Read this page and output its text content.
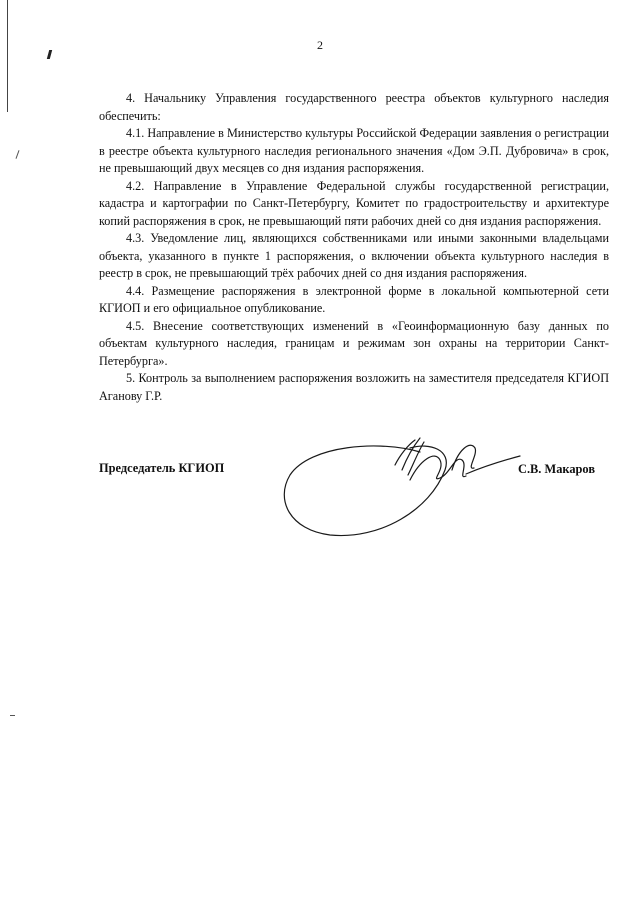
2

4. Начальнику Управления государственного реестра объектов культурного наследия обеспечить:

4.1. Направление в Министерство культуры Российской Федерации заявления о регистрации в реестре объекта культурного наследия регионального значения «Дом Э.П. Дубровича» в срок, не превышающий двух месяцев со дня издания распоряжения.

4.2. Направление в Управление Федеральной службы государственной регистрации, кадастра и картографии по Санкт-Петербургу, Комитет по градостроительству и архитектуре копий распоряжения в срок, не превышающий пяти рабочих дней со дня издания распоряжения.

4.3. Уведомление лиц, являющихся собственниками или иными законными владельцами объекта, указанного в пункте 1 распоряжения, о включении объекта культурного наследия в реестр в срок, не превышающий трёх рабочих дней со дня издания распоряжения.

4.4. Размещение распоряжения в электронной форме в локальной компьютерной сети КГИОП и его официальное опубликование.

4.5. Внесение соответствующих изменений в «Геоинформационную базу данных по объектам культурного наследия, границам и режимам зон охраны на территории Санкт-Петербурга».

5. Контроль за выполнением распоряжения возложить на заместителя председателя КГИОП Аганову Г.Р.

Председатель КГИОП	С.В. Макаров
